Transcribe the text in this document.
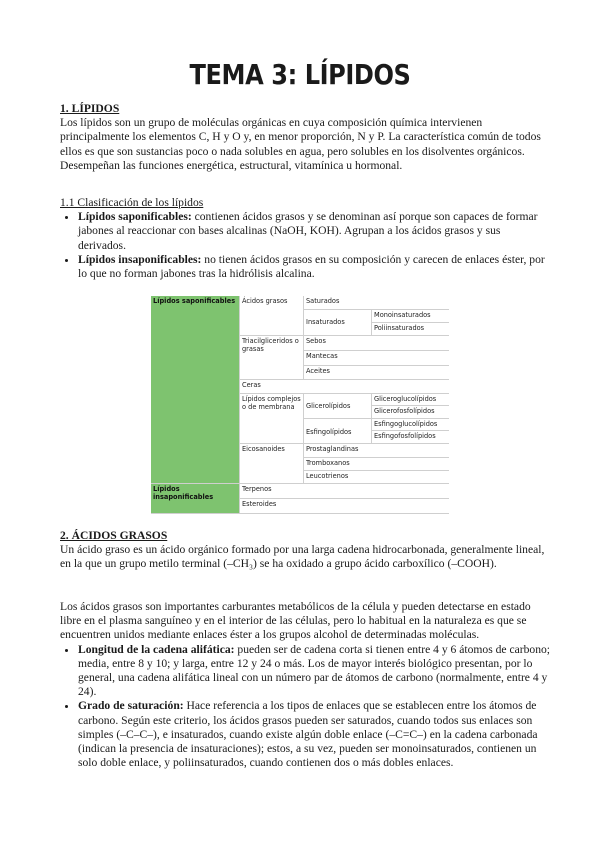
TEMA 3: LÍPIDOS
1. LÍPIDOS

Los lípidos son un grupo de moléculas orgánicas en cuya composición química intervienen principalmente los elementos C, H y O y, en menor proporción, N y P. La característica común de todos ellos es que son sustancias poco o nada solubles en agua, pero solubles en los disolventes orgánicos. Desempeñan las funciones energética, estructural, vitamínica u hormonal.

1.1 Clasificación de los lípidos
• Lípidos saponificables: contienen ácidos grasos y se denominan así porque son capaces de formar jabones al reaccionar con bases alcalinas (NaOH, KOH). Agrupan a los ácidos grasos y sus derivados.
• Lípidos insaponificables: no tienen ácidos grasos en su composición y carecen de enlaces éster, por lo que no forman jabones tras la hidrólisis alcalina.
Lípidos saponificables
Lípidos insaponificables
Ácidos grasos
Triacilgliceridos o grasas
Ceras
Lípidos complejos o de membrana
Eicosanoides
Terpenos
Esteroides
Saturados
Insaturados
Monoinsaturados
Poliinsaturados
Sebos
Mantecas
Aceites
Glicerolípidos
Gliceroglucolípidos
Glicerofosfolípidos
Esfingolípidos
Esfingoglucolípidos
Esfingofosfolípidos
Prostaglandinas
Tromboxanos
Leucotrienos
2. ÁCIDOS GRASOS

Un ácido graso es un ácido orgánico formado por una larga cadena hidrocarbonada, generalmente lineal, en la que un grupo metilo terminal (–CH₃) se ha oxidado a grupo ácido carboxílico (–COOH).

Los ácidos grasos son importantes carburantes metabólicos de la célula y pueden detectarse en estado libre en el plasma sanguíneo y en el interior de las células, pero lo habitual en la naturaleza es que se encuentren unidos mediante enlaces éster a los grupos alcohol de determinadas moléculas.

• Longitud de la cadena alifática: pueden ser de cadena corta si tienen entre 4 y 6 átomos de carbono; media, entre 8 y 10; y larga, entre 12 y 24 o más. Los de mayor interés biológico presentan, por lo general, una cadena alifática lineal con un número par de átomos de carbono (normalmente, entre 4 y 24).
• Grado de saturación: Hace referencia a los tipos de enlaces que se establecen entre los átomos de carbono. Según este criterio, los ácidos grasos pueden ser saturados, cuando todos sus enlaces son simples (–C–C–), e insaturados, cuando existe algún doble enlace (–C=C–) en la cadena carbonada (indican la presencia de insaturaciones); estos, a su vez, pueden ser monoinsaturados, contienen un solo doble enlace, y poliinsaturados, cuando contienen dos o más dobles enlaces.
